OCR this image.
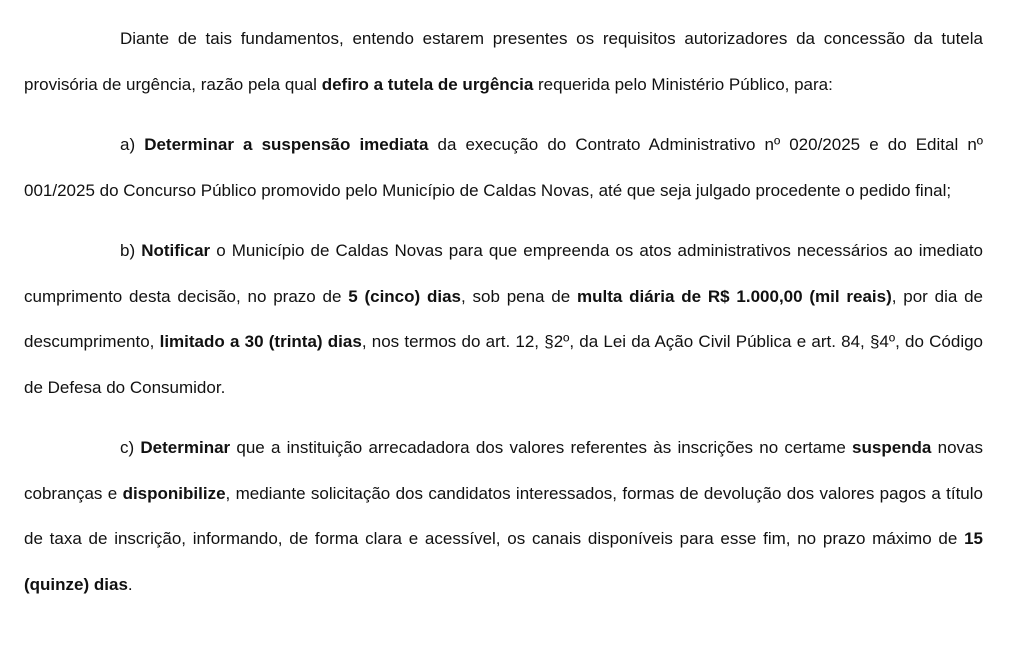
Diante de tais fundamentos, entendo estarem presentes os requisitos autorizadores da concessão da tutela provisória de urgência, razão pela qual defiro a tutela de urgência requerida pelo Ministério Público, para:

a) Determinar a suspensão imediata da execução do Contrato Administrativo nº 020/2025 e do Edital nº 001/2025 do Concurso Público promovido pelo Município de Caldas Novas, até que seja julgado procedente o pedido final;

b) Notificar o Município de Caldas Novas para que empreenda os atos administrativos necessários ao imediato cumprimento desta decisão, no prazo de 5 (cinco) dias, sob pena de multa diária de R$ 1.000,00 (mil reais), por dia de descumprimento, limitado a 30 (trinta) dias, nos termos do art. 12, §2º, da Lei da Ação Civil Pública e art. 84, §4º, do Código de Defesa do Consumidor.

c) Determinar que a instituição arrecadadora dos valores referentes às inscrições no certame suspenda novas cobranças e disponibilize, mediante solicitação dos candidatos interessados, formas de devolução dos valores pagos a título de taxa de inscrição, informando, de forma clara e acessível, os canais disponíveis para esse fim, no prazo máximo de 15 (quinze) dias.
